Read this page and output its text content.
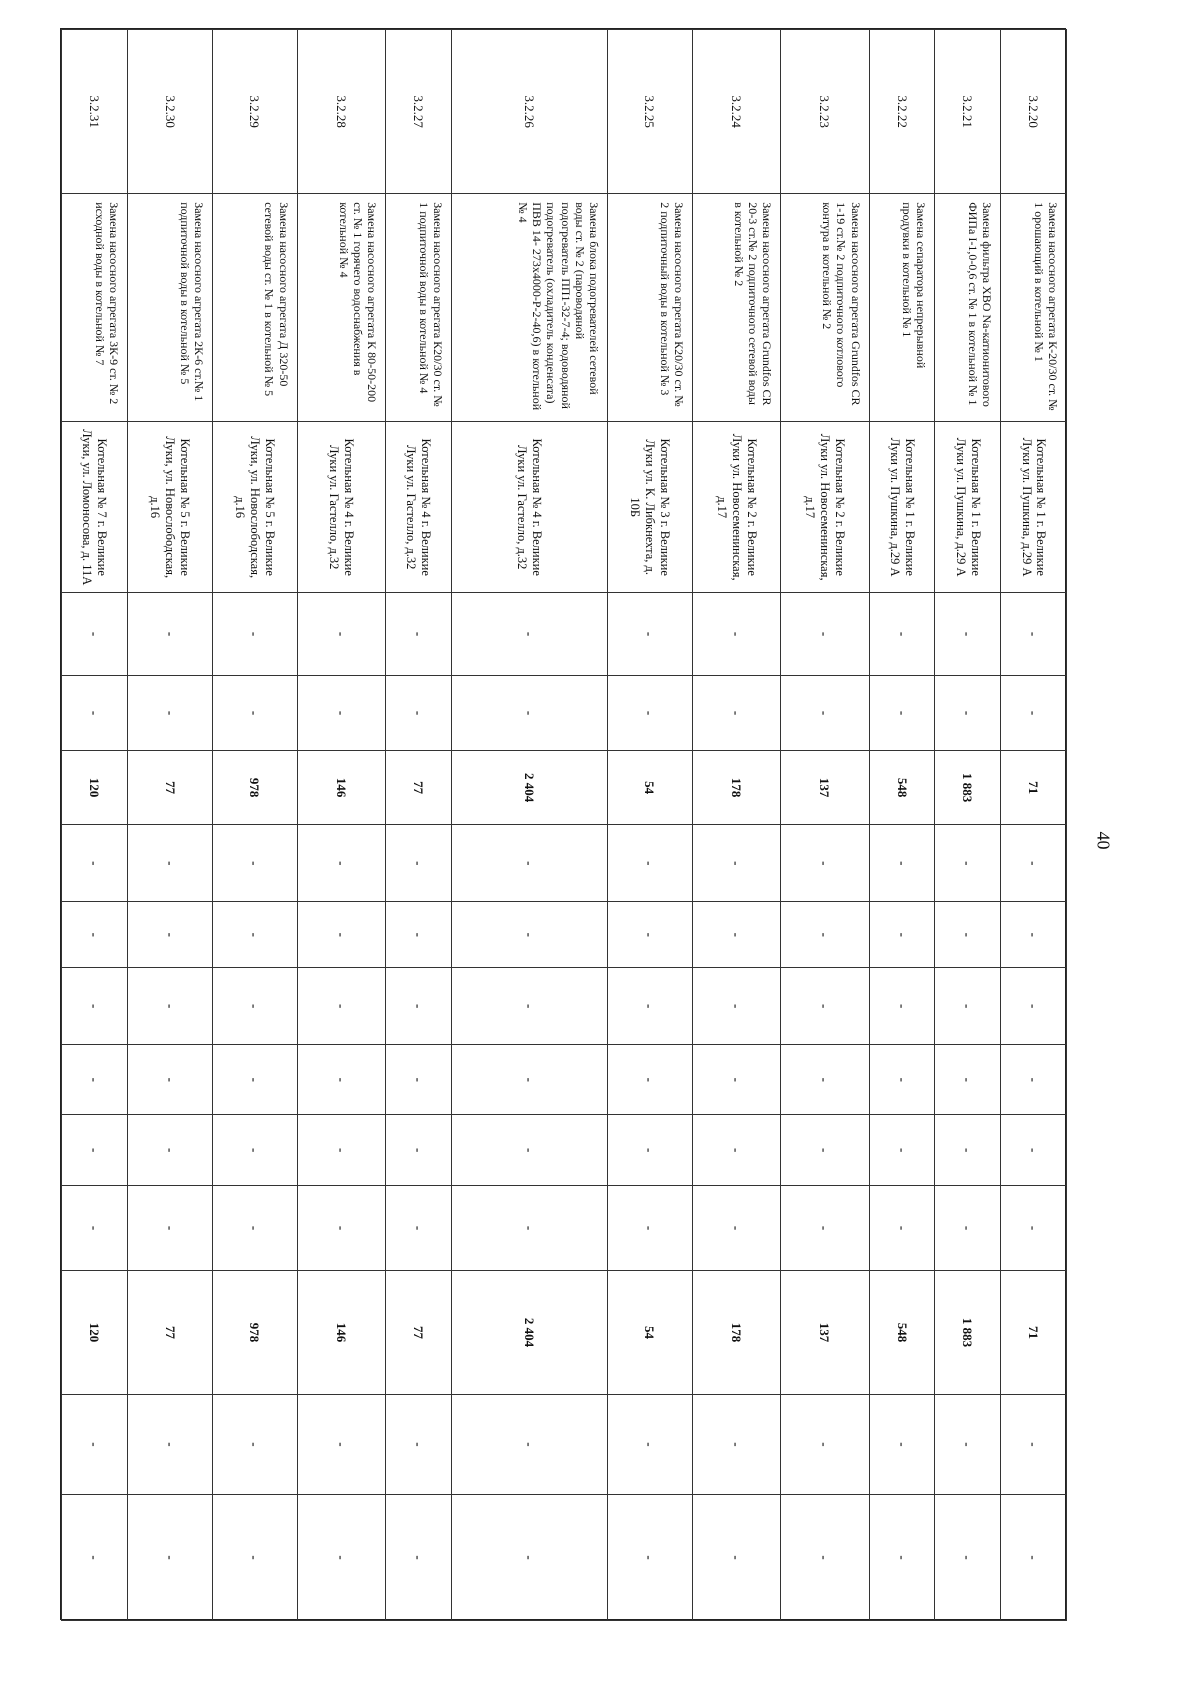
40
3.2.20	Замена насосного агрегата К-20/30 ст. № 1 орошающий в котельной № 1	Котельная № 1 г. Великие Луки ул. Пушкина, д.29 А	-	-	71	-	-	-	-	-	-	71	-	-
3.2.21	Замена фильтра ХВО Na-катионитового ФИПа I-1,0-0,6 ст. № 1 в котельной № 1	Котельная № 1 г. Великие Луки ул. Пушкина, д.29 А	-	-	1 883	-	-	-	-	-	-	1 883	-	-
3.2.22	Замена сепаратора непрерывной продувки в котельной № 1	Котельная № 1 г. Великие Луки ул. Пушкина, д.29 А	-	-	548	-	-	-	-	-	-	548	-	-
3.2.23	Замена насосного агрегата Grundfos CR 1-19 ст.№ 2 подпиточного котлового контура в котельной № 2	Котельная № 2 г. Великие Луки ул. Новосеменинская, д.17	-	-	137	-	-	-	-	-	-	137	-	-
3.2.24	Замена насосного агрегата Grundfos CR 20-3 ст.№ 2 подпиточного сетевой воды в котельной № 2	Котельная № 2 г. Великие Луки ул. Новосеменинская, д.17	-	-	178	-	-	-	-	-	-	178	-	-
3.2.25	Замена насосного агрегата К20/30 ст. № 2 подпиточный воды в котельной № 3	Котельная № 3 г. Великие Луки ул. К. Либкнехта, д. 10Б	-	-	54	-	-	-	-	-	-	54	-	-
3.2.26	Замена блока подогревателей сетевой воды ст. № 2 (пароводяной подогреватель ПП1-32-7-4; водоводяной подогреватель (охладитель конденсата) ПВВ 14- 273х4000-Р-2-40,6) в котельной № 4	Котельная № 4 г. Великие Луки ул. Гастелло, д.32	-	-	2 404	-	-	-	-	-	-	2 404	-	-
3.2.27	Замена насосного агрегата К20/30 ст. № 1 подпиточной воды в котельной № 4	Котельная № 4 г. Великие Луки ул. Гастелло, д.32	-	-	77	-	-	-	-	-	-	77	-	-
3.2.28	Замена насосного агрегата К 80-50-200 ст. № 1 горячего водоснабжения в котельной № 4	Котельная № 4 г. Великие Луки ул. Гастелло, д.32	-	-	146	-	-	-	-	-	-	146	-	-
3.2.29	Замена насосного агрегата Д 320-50 сетевой воды ст. № 1 в котельной № 5	Котельная № 5 г. Великие Луки, ул. Новослободская, д.16	-	-	978	-	-	-	-	-	-	978	-	-
3.2.30	Замена насосного агрегата 2К-6 ст.№ 1 подпиточной воды в котельной № 5	Котельная № 5 г. Великие Луки, ул. Новослободская, д.16	-	-	77	-	-	-	-	-	-	77	-	-
3.2.31	Замена насосного агрегата 3К-9 ст. № 2 исходной воды в котельной № 7	Котельная № 7 г. Великие Луки, ул. Ломоносова, д. 11А	-	-	120	-	-	-	-	-	-	120	-	-
